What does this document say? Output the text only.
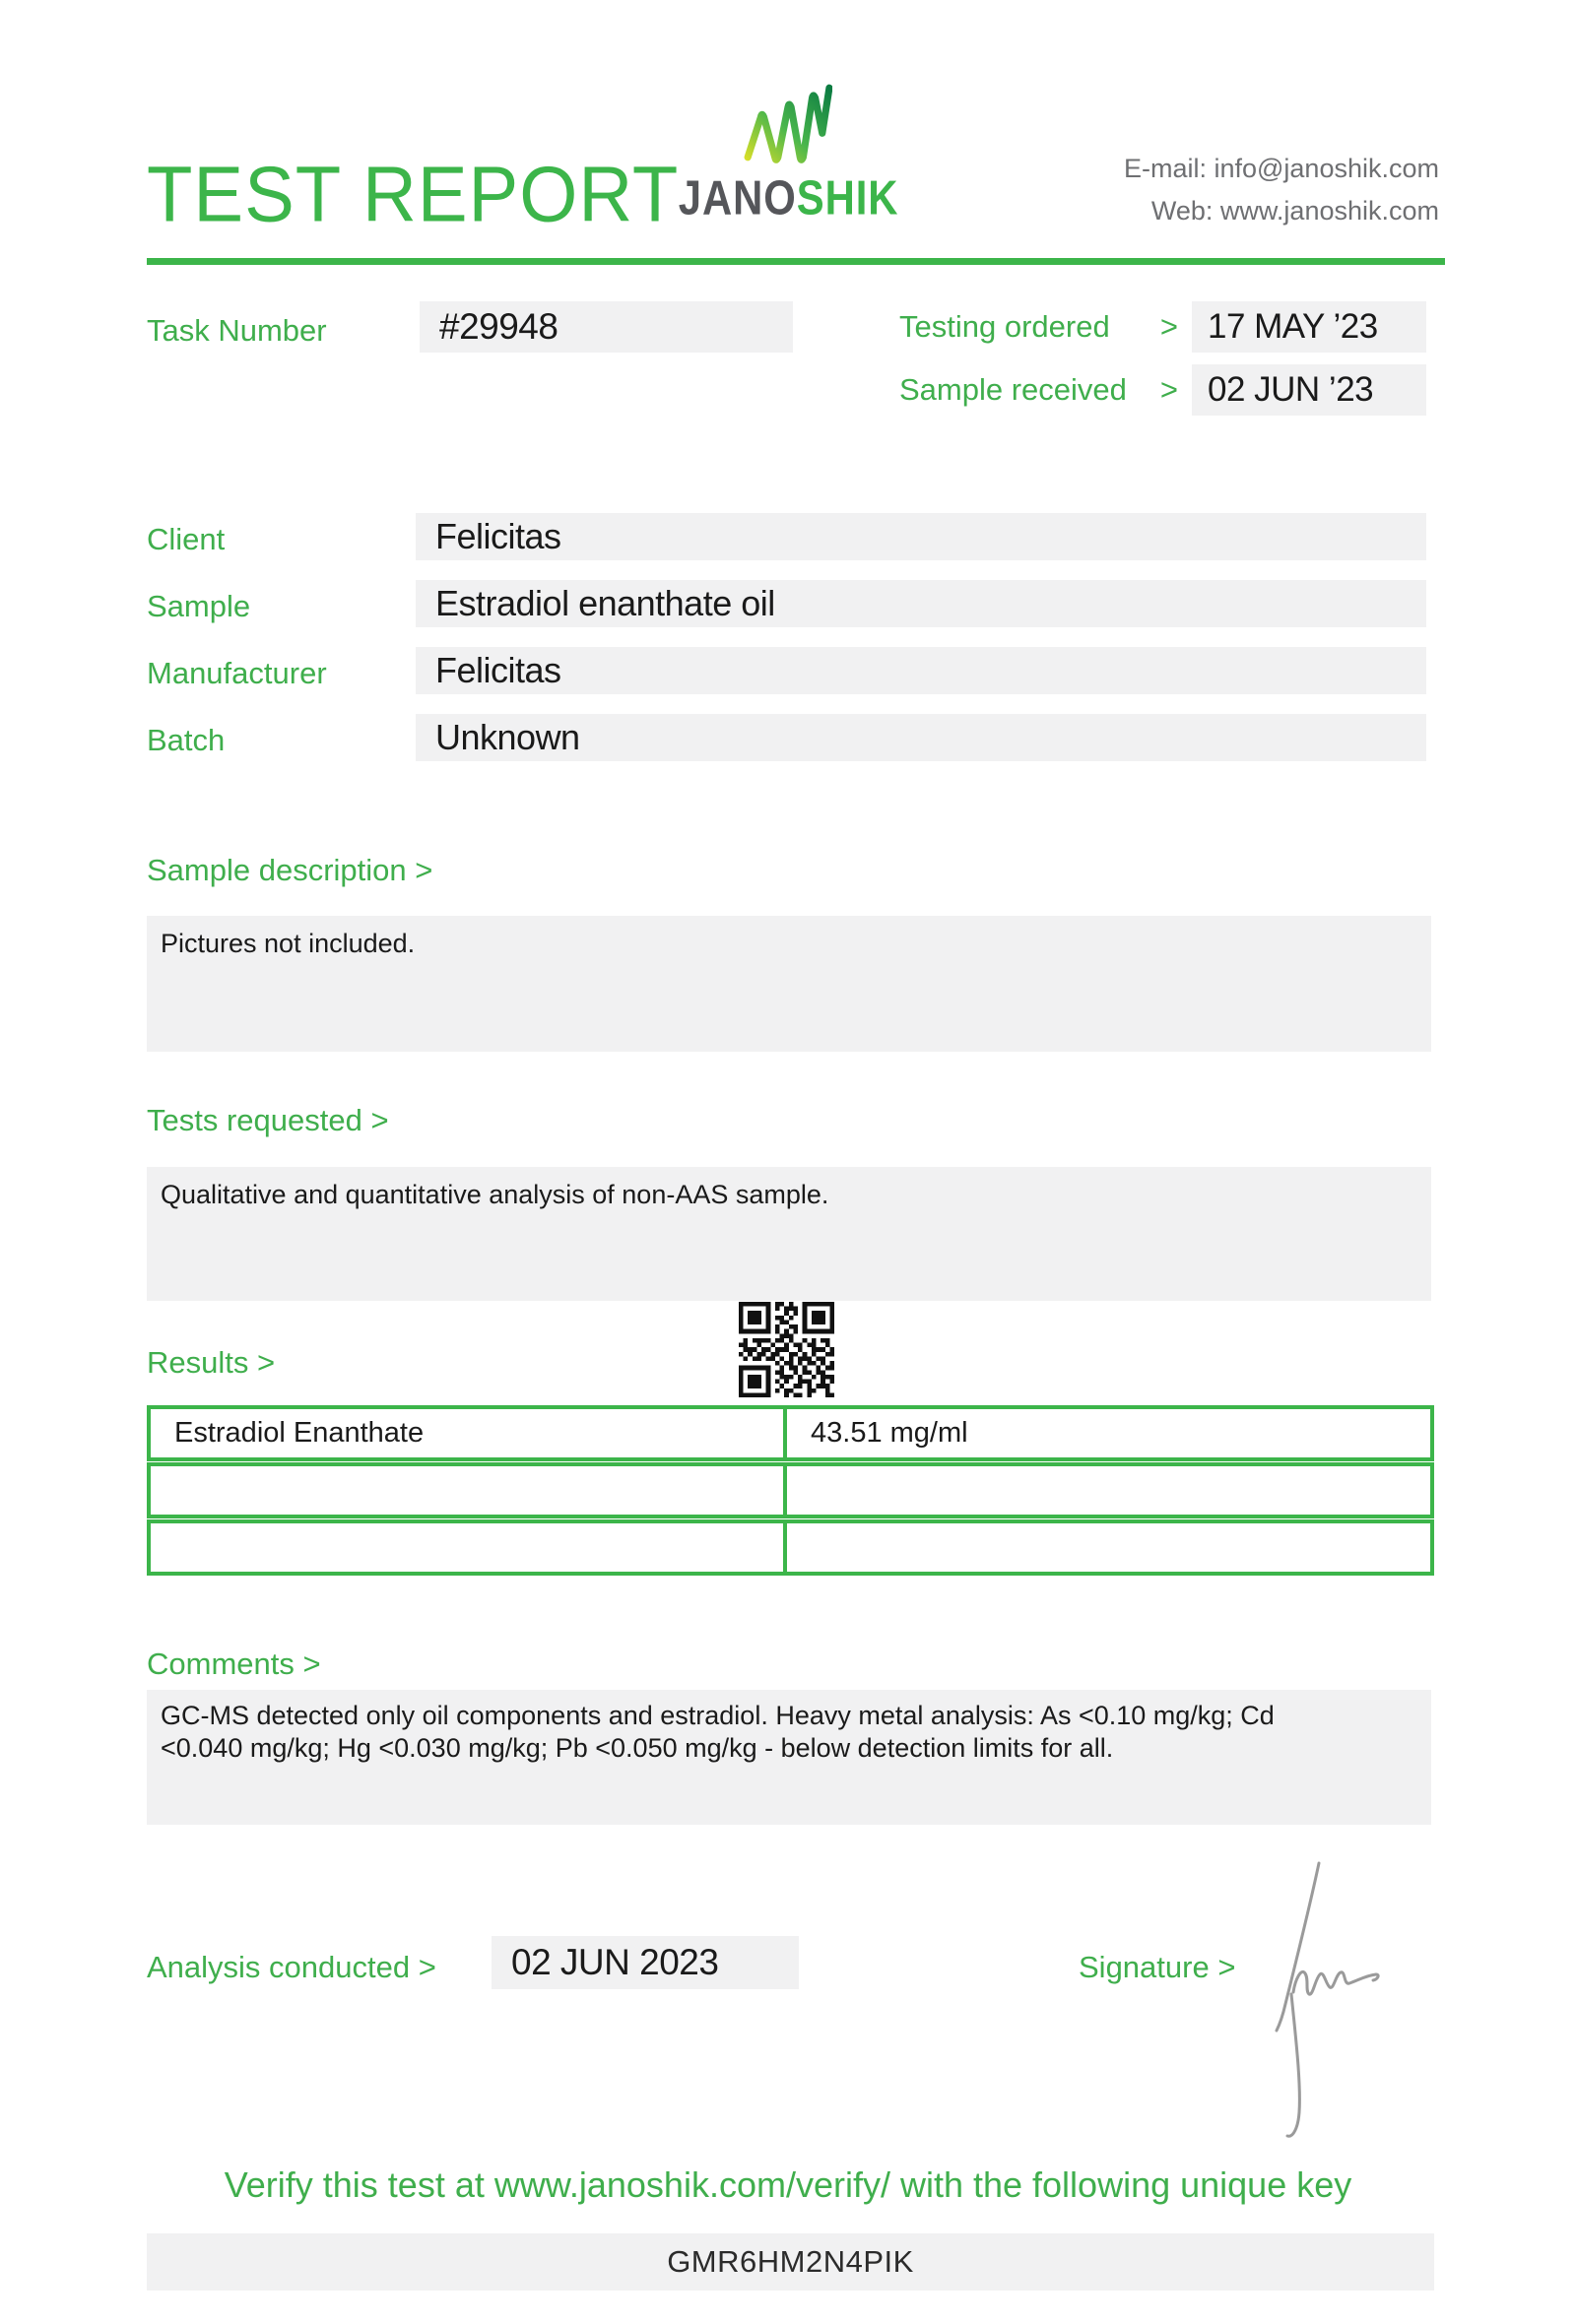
TEST REPORT JANOSHIK
E-mail: info@janoshik.com
Web: www.janoshik.com
Task Number	#29948	Testing ordered > 17 MAY ’23
Sample received > 02 JUN ’23
Client	Felicitas
Sample	Estradiol enanthate oil
Manufacturer	Felicitas
Batch	Unknown
Sample description >
Pictures not included.
Tests requested >
Qualitative and quantitative analysis of non-AAS sample.
Results >
Estradiol Enanthate	43.51 mg/ml
Comments >
GC-MS detected only oil components and estradiol. Heavy metal analysis: As <0.10 mg/kg; Cd
<0.040 mg/kg; Hg <0.030 mg/kg; Pb <0.050 mg/kg - below detection limits for all.
Analysis conducted > 02 JUN 2023	Signature >
Verify this test at www.janoshik.com/verify/ with the following unique key
GMR6HM2N4PIK
